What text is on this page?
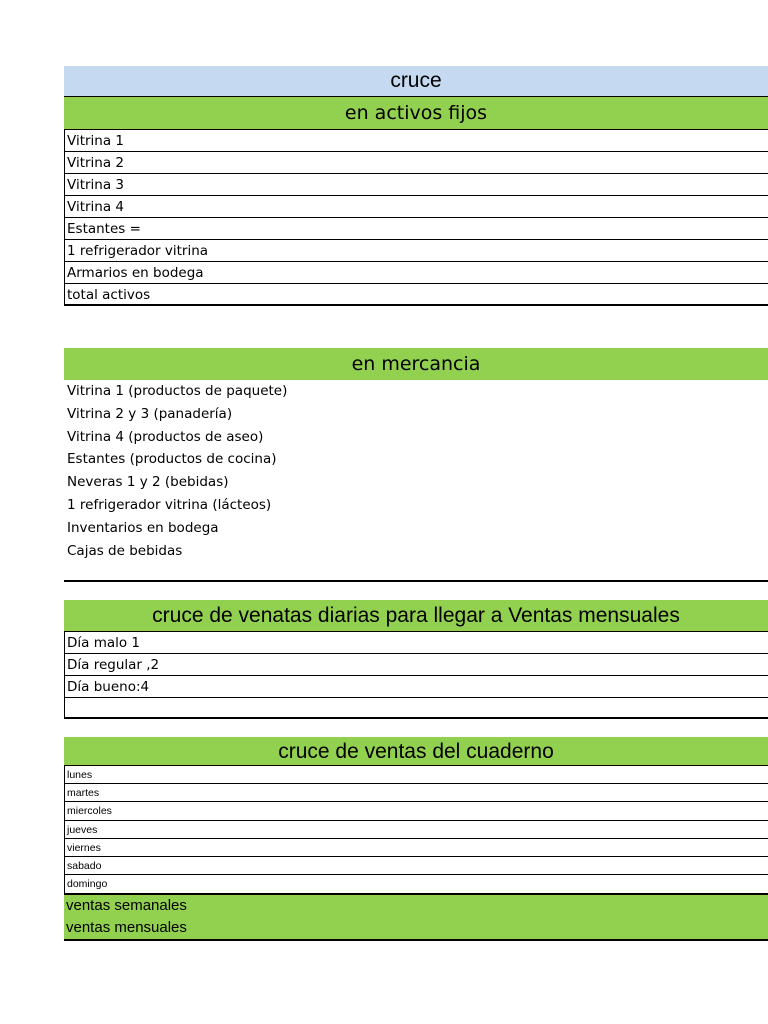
cruce
en activos fijos
Vitrina 1
Vitrina 2
Vitrina 3
Vitrina 4
Estantes =
1 refrigerador vitrina
Armarios en bodega
total activos
en mercancia
Vitrina 1 (productos de paquete)
Vitrina 2 y 3 (panadería)
Vitrina 4 (productos de aseo)
Estantes (productos de cocina)
Neveras 1 y 2 (bebidas)
1 refrigerador vitrina (lácteos)
Inventarios en bodega
Cajas de bebidas
cruce de venatas diarias para llegar a Ventas mensuales
Día malo 1
Día regular ,2
Día bueno:4
cruce de ventas del cuaderno
lunes
martes
miercoles
jueves
viernes
sabado
domingo
ventas semanales
ventas mensuales
